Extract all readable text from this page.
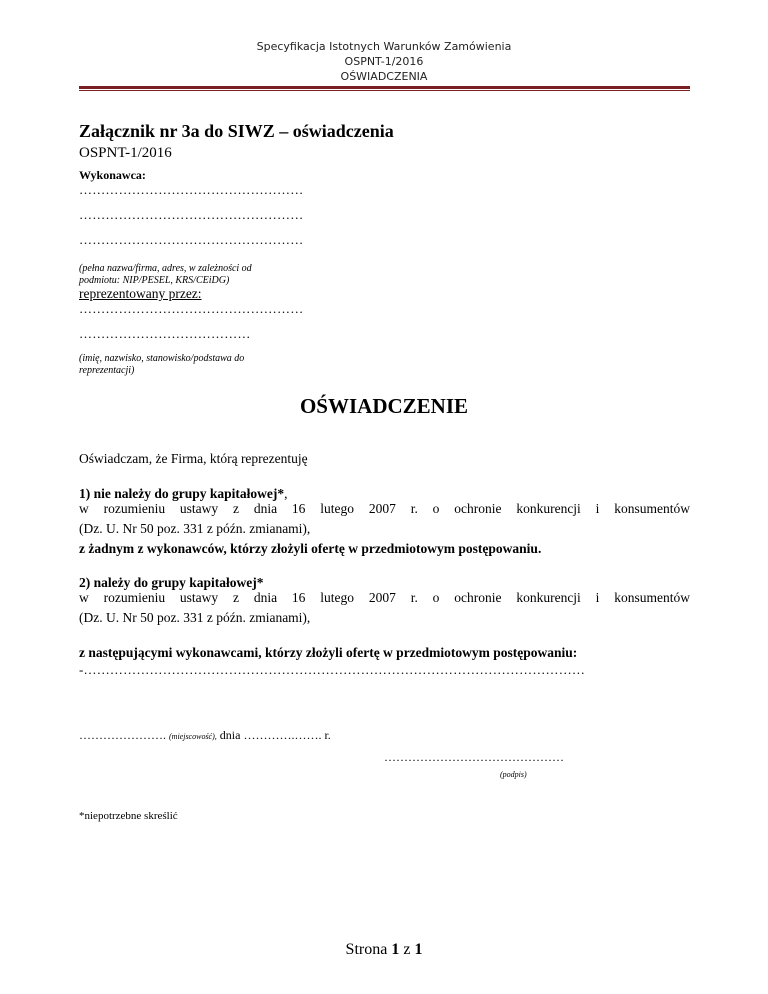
Specyfikacja Istotnych Warunków Zamówienia
OSPNT-1/2016
OŚWIADCZENIA
Załącznik nr 3a do SIWZ – oświadczenia
OSPNT-1/2016
Wykonawca:
……………………………………………
……………………………………………
……………………………………………
(pełna nazwa/firma, adres, w zależności od
podmiotu: NIP/PESEL, KRS/CEiDG)
reprezentowany przez:
……………………………………………
…………………………………
(imię, nazwisko, stanowisko/podstawa do
reprezentacji)
OŚWIADCZENIE
Oświadczam, że Firma, którą reprezentuję
1) nie należy do grupy kapitałowej*,
w rozumieniu ustawy z dnia 16 lutego 2007 r. o ochronie konkurencji i konsumentów
(Dz. U. Nr 50 poz. 331 z późn. zmianami),
z żadnym z wykonawców, którzy złożyli ofertę w przedmiotowym postępowaniu.
2) należy do grupy kapitałowej*
w rozumieniu ustawy z dnia 16 lutego 2007 r. o ochronie konkurencji i konsumentów
(Dz. U. Nr 50 poz. 331 z późn. zmianami),
z następującymi wykonawcami, którzy złożyli ofertę w przedmiotowym postępowaniu:
-……………………………………………………………………………………………………
…………………. (miejscowość), dnia ………….……. r.
………………………………………
(podpis)
*niepotrzebne skreślić
Strona 1 z 1
